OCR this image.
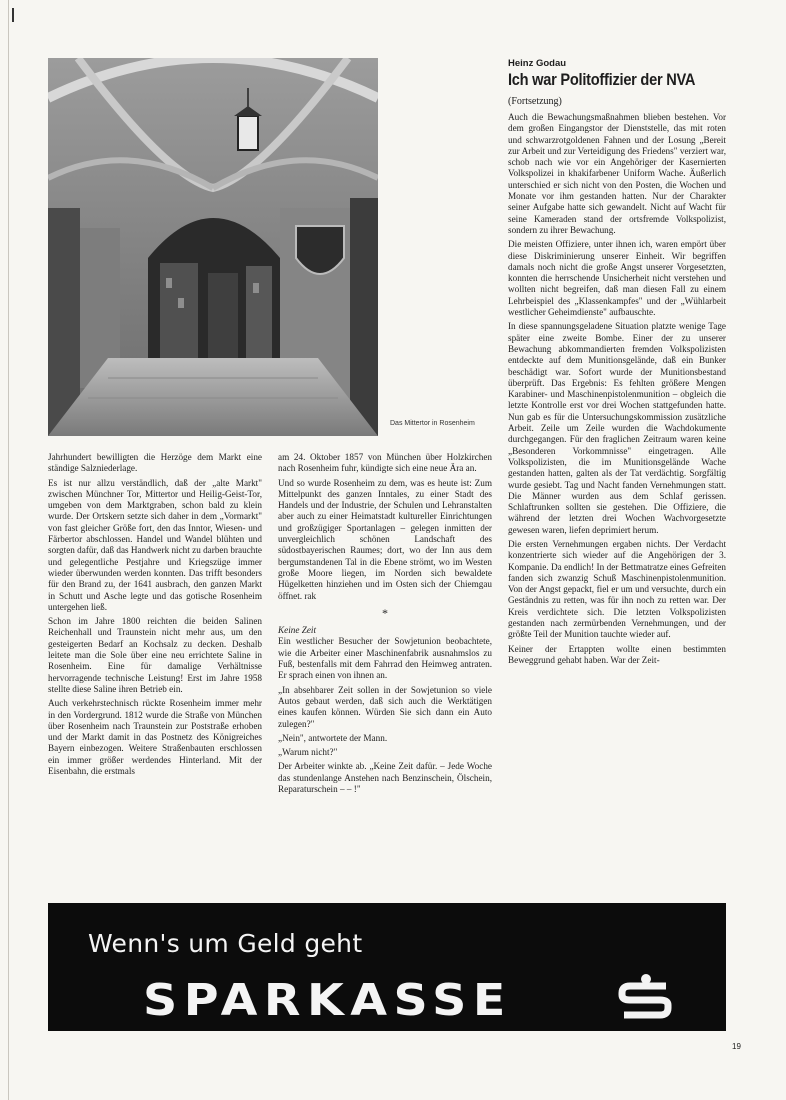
Das Mittertor in Rosenheim

Jahrhundert bewilligten die Herzöge dem Markt eine ständige Salzniederlage.

Es ist nur allzu verständlich, daß der „alte Markt" zwischen Münchner Tor, Mittertor und Heilig-Geist-Tor, umgeben von dem Marktgraben, schon bald zu klein wurde. Der Ortskern setzte sich daher in dem „Vormarkt" von fast gleicher Größe fort, den das Inntor, Wiesen- und Färbertor abschlossen. Handel und Wandel blühten und sorgten dafür, daß das Handwerk nicht zu darben brauchte und gelegentliche Pestjahre und Kriegszüge immer wieder überwunden werden konnten. Das trifft besonders für den Brand zu, der 1641 ausbrach, den ganzen Markt in Schutt und Asche legte und das gotische Rosenheim untergehen ließ.

Schon im Jahre 1800 reichten die beiden Salinen Reichenhall und Traunstein nicht mehr aus, um den gesteigerten Bedarf an Kochsalz zu decken. Deshalb leitete man die Sole über eine neu errichtete Saline in Rosenheim. Eine für damalige Verhältnisse hervorragende technische Leistung! Erst im Jahre 1958 stellte diese Saline ihren Betrieb ein.

Auch verkehrstechnisch rückte Rosenheim immer mehr in den Vordergrund. 1812 wurde die Straße von München über Rosenheim nach Traunstein zur Poststraße erhoben und der Markt damit in das Postnetz des Königreiches Bayern einbezogen. Weitere Straßenbauten erschlossen ein immer größer werdendes Hinterland. Mit der Eisenbahn, die erstmals

am 24. Oktober 1857 von München über Holzkirchen nach Rosenheim fuhr, kündigte sich eine neue Ära an.

Und so wurde Rosenheim zu dem, was es heute ist: Zum Mittelpunkt des ganzen Inntales, zu einer Stadt des Handels und der Industrie, der Schulen und Lehranstalten aber auch zu einer Heimatstadt kultureller Einrichtungen und großzügiger Sportanlagen – gelegen inmitten der unvergleichlich schönen Landschaft des südostbayerischen Raumes; dort, wo der Inn aus dem bergumstandenen Tal in die Ebene strömt, wo im Westen große Moore liegen, im Norden sich bewaldete Hügelketten hinziehen und im Osten sich der Chiemgau öffnet. rak

*
Keine Zeit

Ein westlicher Besucher der Sowjetunion beobachtete, wie die Arbeiter einer Maschinenfabrik ausnahmslos zu Fuß, bestenfalls mit dem Fahrrad den Heimweg antraten. Er sprach einen von ihnen an.

„In absehbarer Zeit sollen in der Sowjetunion so viele Autos gebaut werden, daß sich auch die Werktätigen eines kaufen können. Würden Sie sich dann ein Auto zulegen?"

„Nein", antwortete der Mann.

„Warum nicht?"

Der Arbeiter winkte ab. „Keine Zeit dafür. – Jede Woche das stundenlange Anstehen nach Benzinschein, Ölschein, Reparaturschein – – !"

Heinz Godau
Ich war Politoffizier der NVA
(Fortsetzung)

Auch die Bewachungsmaßnahmen blieben bestehen. Vor dem großen Eingangstor der Dienststelle, das mit roten und schwarzrotgoldenen Fahnen und der Losung „Bereit zur Arbeit und zur Verteidigung des Friedens" verziert war, schob nach wie vor ein Angehöriger der Kasernierten Volkspolizei in khakifarbener Uniform Wache. Äußerlich unterschied er sich nicht von den Posten, die Wochen und Monate vor ihm gestanden hatten. Nur der Charakter seiner Aufgabe hatte sich gewandelt. Nicht auf Wacht für seine Kameraden stand der ortsfremde Volkspolizist, sondern zu ihrer Bewachung.

Die meisten Offiziere, unter ihnen ich, waren empört über diese Diskriminierung unserer Einheit. Wir begriffen damals noch nicht die große Angst unserer Vorgesetzten, konnten die herrschende Unsicherheit nicht verstehen und wollten nicht begreifen, daß man diesen Fall zu einem Lehrbeispiel des „Klassenkampfes" und der „Wühlarbeit westlicher Geheimdienste" aufbauschte.

In diese spannungsgeladene Situation platzte wenige Tage später eine zweite Bombe. Einer der zu unserer Bewachung abkommandierten fremden Volkspolizisten entdeckte auf dem Munitionsgelände, daß ein Bunker beschädigt war. Sofort wurde der Munitionsbestand überprüft. Das Ergebnis: Es fehlten größere Mengen Karabiner- und Maschinenpistolenmunition – obgleich die letzte Kontrolle erst vor drei Wochen stattgefunden hatte. Nun gab es für die Untersuchungskommission zusätzliche Arbeit. Zeile um Zeile wurden die Wachdokumente durchgegangen. Für den fraglichen Zeitraum waren keine „Besonderen Vorkommnisse" eingetragen. Alle Volkspolizisten, die im Munitionsgelände Wache gestanden hatten, galten als der Tat verdächtig. Sorgfältig wurde gesiebt. Tag und Nacht fanden Vernehmungen statt. Die Männer wurden aus dem Schlaf gerissen. Schlaftrunken sollten sie gestehen. Die Offiziere, die während der letzten drei Wochen Wachvorgesetzte gewesen waren, liefen deprimiert herum.

Die ersten Vernehmungen ergaben nichts. Der Verdacht konzentrierte sich wieder auf die Angehörigen der 3. Kompanie. Da endlich! In der Bettmatratze eines Gefreiten fanden sich zwanzig Schuß Maschinenpistolenmunition. Von der Angst gepackt, fiel er um und versuchte, durch ein Geständnis zu retten, was für ihn noch zu retten war. Der Kreis verdichtete sich. Die letzten Volkspolizisten gestanden nach zermürbenden Vernehmungen, und der größte Teil der Munition tauchte wieder auf.

Keiner der Ertappten wollte einen bestimmten Beweggrund gehabt haben. War der Zeit-

Wenn's um Geld geht
SPARKASSE
19
